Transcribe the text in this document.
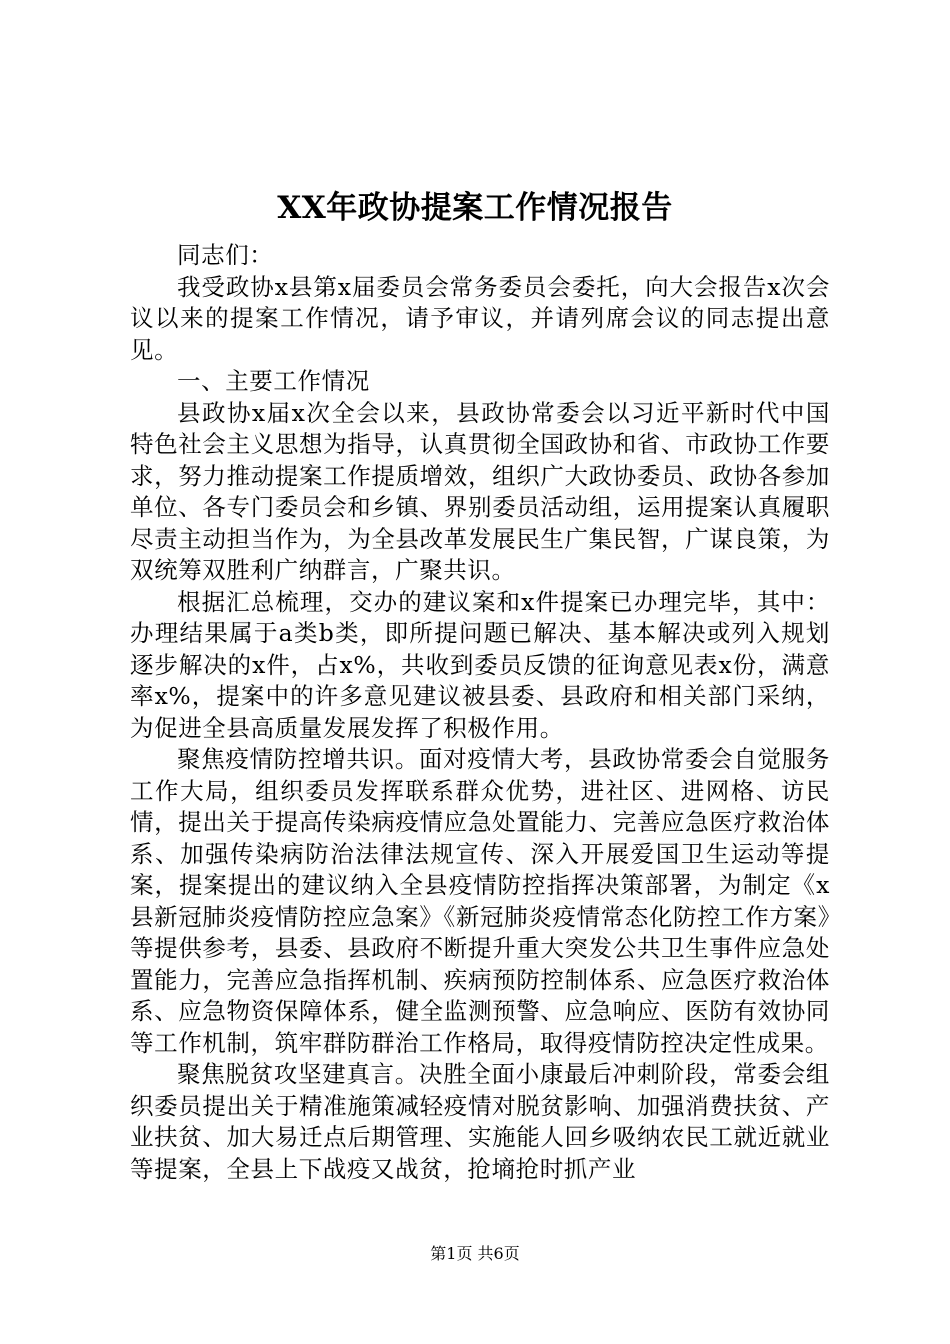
XX年政协提案工作情况报告

同志们：

我受政协x县第x届委员会常务委员会委托，向大会报告x次会议以来的提案工作情况，请予审议，并请列席会议的同志提出意见。

一、主要工作情况

县政协x届x次全会以来，县政协常委会以习近平新时代中国特色社会主义思想为指导，认真贯彻全国政协和省、市政协工作要求，努力推动提案工作提质增效，组织广大政协委员、政协各参加单位、各专门委员会和乡镇、界别委员活动组，运用提案认真履职尽责主动担当作为，为全县改革发展民生广集民智，广谋良策，为双统筹双胜利广纳群言，广聚共识。

根据汇总梳理，交办的建议案和x件提案已办理完毕，其中：办理结果属于a类b类，即所提问题已解决、基本解决或列入规划逐步解决的x件，占x%，共收到委员反馈的征询意见表x份，满意率x%，提案中的许多意见建议被县委、县政府和相关部门采纳，为促进全县高质量发展发挥了积极作用。

聚焦疫情防控增共识。面对疫情大考，县政协常委会自觉服务工作大局，组织委员发挥联系群众优势，进社区、进网格、访民情，提出关于提高传染病疫情应急处置能力、完善应急医疗救治体系、加强传染病防治法律法规宣传、深入开展爱国卫生运动等提案，提案提出的建议纳入全县疫情防控指挥决策部署，为制定《x县新冠肺炎疫情防控应急案》《新冠肺炎疫情常态化防控工作方案》等提供参考，县委、县政府不断提升重大突发公共卫生事件应急处置能力，完善应急指挥机制、疾病预防控制体系、应急医疗救治体系、应急物资保障体系，健全监测预警、应急响应、医防有效协同等工作机制，筑牢群防群治工作格局，取得疫情防控决定性成果。

聚焦脱贫攻坚建真言。决胜全面小康最后冲刺阶段，常委会组织委员提出关于精准施策减轻疫情对脱贫影响、加强消费扶贫、产业扶贫、加大易迁点后期管理、实施能人回乡吸纳农民工就近就业等提案，全县上下战疫又战贫，抢墒抢时抓产业

第1页 共6页
